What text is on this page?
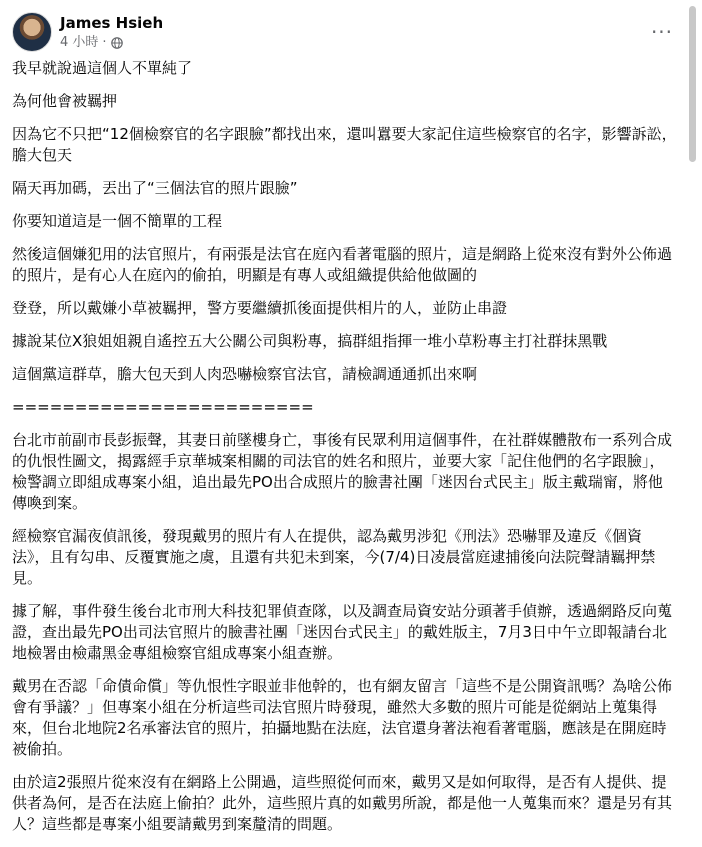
James Hsieh
4 小時 ·	···

我早就說過這個人不單純了

為何他會被羈押

因為它不只把“12個檢察官的名字跟臉”都找出來，還叫囂要大家記住這些檢察官的名字，影響訴訟，膽大包天

隔天再加碼，丟出了“三個法官的照片跟臉”

你要知道這是一個不簡單的工程

然後這個嫌犯用的法官照片，有兩張是法官在庭內看著電腦的照片，這是網路上從來沒有對外公佈過的照片，是有心人在庭內的偷拍，明顯是有專人或組織提供給他做圖的

登登，所以戴嫌小草被羈押，警方要繼續抓後面提供相片的人，並防止串證

據說某位X狼姐姐親自遙控五大公關公司與粉專，搞群組指揮一堆小草粉專主打社群抹黑戰

這個黨這群草，膽大包天到人肉恐嚇檢察官法官，請檢調通通抓出來啊

========================

台北市前副市長彭振聲，其妻日前墜樓身亡，事後有民眾利用這個事件，在社群媒體散布一系列合成的仇恨性圖文，揭露經手京華城案相關的司法官的姓名和照片，並要大家「記住他們的名字跟臉」，檢警調立即組成專案小組，追出最先PO出合成照片的臉書社團「迷因台式民主」版主戴瑞甯，將他傳喚到案。

經檢察官漏夜偵訊後，發現戴男的照片有人在提供，認為戴男涉犯《刑法》恐嚇罪及違反《個資法》，且有勾串、反覆實施之虞，且還有共犯未到案，今(7/4)日凌晨當庭逮捕後向法院聲請羈押禁見。

據了解，事件發生後台北市刑大科技犯罪偵查隊，以及調查局資安站分頭著手偵辦，透過網路反向蒐證，查出最先PO出司法官照片的臉書社團「迷因台式民主」的戴姓版主，7月3日中午立即報請台北地檢署由檢肅黑金專組檢察官組成專案小組查辦。

戴男在否認「命債命償」等仇恨性字眼並非他幹的，也有網友留言「這些不是公開資訊嗎？為啥公佈會有爭議？」但專案小組在分析這些司法官照片時發現，雖然大多數的照片可能是從網站上蒐集得來，但台北地院2名承審法官的照片，拍攝地點在法庭，法官還身著法袍看著電腦，應該是在開庭時被偷拍。

由於這2張照片從來沒有在網路上公開過，這些照從何而來，戴男又是如何取得，是否有人提供、提供者為何，是否在法庭上偷拍？此外，這些照片真的如戴男所說，都是他一人蒐集而來？還是另有其人？這些都是專案小組要請戴男到案釐清的問題。
